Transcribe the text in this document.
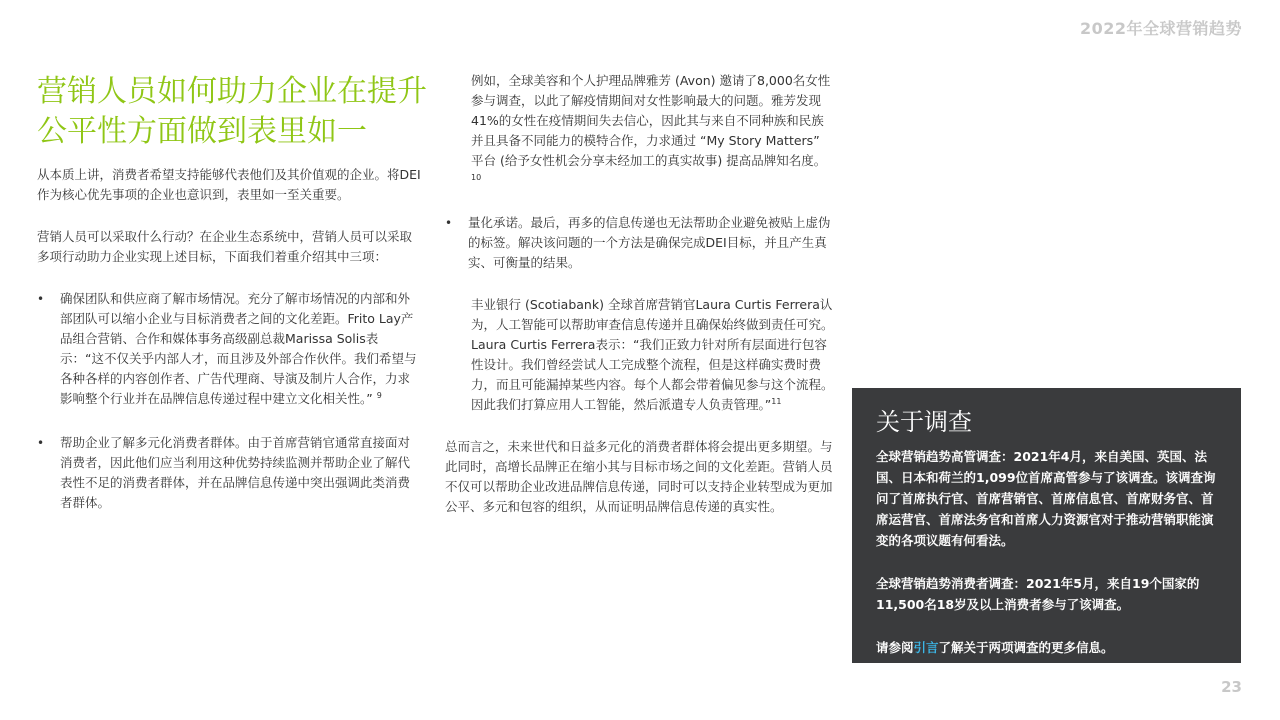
2022年全球营销趋势
营销人员如何助力企业在提升公平性方面做到表里如一

从本质上讲，消费者希望支持能够代表他们及其价值观的企业。将DEI作为核心优先事项的企业也意识到，表里如一至关重要。

营销人员可以采取什么行动？在企业生态系统中，营销人员可以采取多项行动助力企业实现上述目标，下面我们着重介绍其中三项：

• 确保团队和供应商了解市场情况。充分了解市场情况的内部和外部团队可以缩小企业与目标消费者之间的文化差距。Frito Lay产品组合营销、合作和媒体事务高级副总裁Marissa Solis表示：“这不仅关乎内部人才，而且涉及外部合作伙伴。我们希望与各种各样的内容创作者、广告代理商、导演及制片人合作，力求影响整个行业并在品牌信息传递过程中建立文化相关性。” $^9$
• 帮助企业了解多元化消费者群体。由于首席营销官通常直接面对消费者，因此他们应当利用这种优势持续监测并帮助企业了解代表性不足的消费者群体，并在品牌信息传递中突出强调此类消费者群体。

例如，全球美容和个人护理品牌雅芳 (Avon) 邀请了8,000名女性参与调查，以此了解疫情期间对女性影响最大的问题。雅芳发现41%的女性在疫情期间失去信心，因此其与来自不同种族和民族并且具备不同能力的模特合作，力求通过 “My Story Matters” 平台 (给予女性机会分享未经加工的真实故事) 提高品牌知名度。$^{10}$

• 量化承诺。最后，再多的信息传递也无法帮助企业避免被贴上虚伪的标签。解决该问题的一个方法是确保完成DEI目标，并且产生真实、可衡量的结果。

丰业银行 (Scotiabank) 全球首席营销官Laura Curtis Ferrera认为，人工智能可以帮助审查信息传递并且确保始终做到责任可究。Laura Curtis Ferrera表示：“我们正致力针对所有层面进行包容性设计。我们曾经尝试人工完成整个流程，但是这样确实费时费力，而且可能漏掉某些内容。每个人都会带着偏见参与这个流程。因此我们打算应用人工智能，然后派遣专人负责管理。”$^{11}$

总而言之，未来世代和日益多元化的消费者群体将会提出更多期望。与此同时，高增长品牌正在缩小其与目标市场之间的文化差距。营销人员不仅可以帮助企业改进品牌信息传递，同时可以支持企业转型成为更加公平、多元和包容的组织，从而证明品牌信息传递的真实性。

关于调查

全球营销趋势高管调查：2021年4月，来自美国、英国、法国、日本和荷兰的1,099位首席高管参与了该调查。该调查询问了首席执行官、首席营销官、首席信息官、首席财务官、首席运营官、首席法务官和首席人力资源官对于推动营销职能演变的各项议题有何看法。

全球营销趋势消费者调查：2021年5月，来自19个国家的11,500名18岁及以上消费者参与了该调查。

请参阅引言了解关于两项调查的更多信息。

23
